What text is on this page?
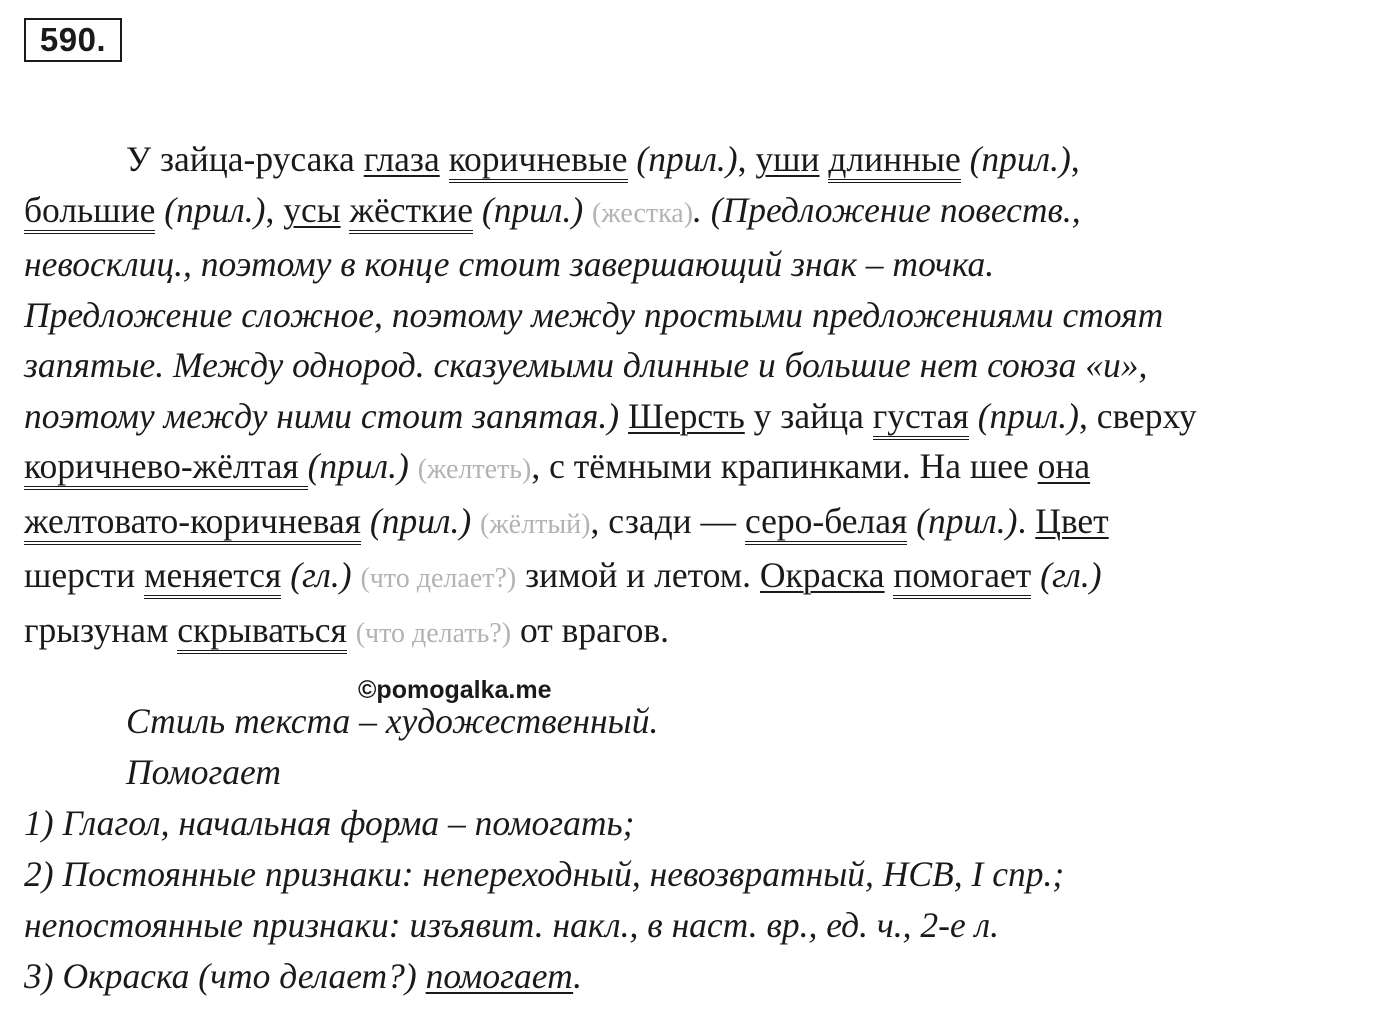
590.
У зайца-русака глаза коричневые (прил.), уши длинные (прил.),
большие (прил.), усы жёсткие (прил.) (жестка). (Предложение повеств.,
невосклиц., поэтому в конце стоит завершающий знак – точка.
Предложение сложное, поэтому между простыми предложениями стоят
запятые. Между однород. сказуемыми длинные и большие нет союза «и»,
поэтому между ними стоит запятая.) Шерсть у зайца густая (прил.), сверху
коричнево-жёлтая (прил.) (желтеть), с тёмными крапинками. На шее она
желтовато-коричневая (прил.) (жёлтый), сзади — серо-белая (прил.). Цвет
шерсти меняется (гл.) (что делает?) зимой и летом. Окраска помогает (гл.)
грызунам скрываться (что делать?) от врагов.
©pomogalka.me
Стиль текста – художественный.
Помогает
1) Глагол, начальная форма – помогать;
2) Постоянные признаки: непереходный, невозвратный, НСВ, I спр.;
непостоянные признаки: изъявит. накл., в наст. вр., ед. ч., 2-е л.
3) Окраска (что делает?) помогает.
